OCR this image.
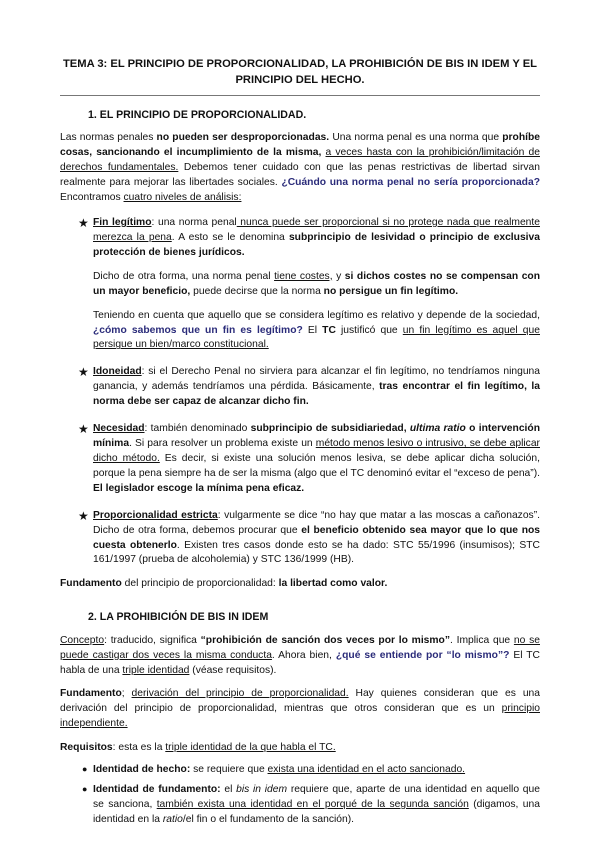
TEMA 3: EL PRINCIPIO DE PROPORCIONALIDAD, LA PROHIBICIÓN DE BIS IN IDEM Y EL PRINCIPIO DEL HECHO.
1. EL PRINCIPIO DE PROPORCIONALIDAD.

Las normas penales no pueden ser desproporcionadas. Una norma penal es una norma que prohíbe cosas, sancionando el incumplimiento de la misma, a veces hasta con la prohibición/limitación de derechos fundamentales. Debemos tener cuidado con que las penas restrictivas de libertad sirvan realmente para mejorar las libertades sociales. ¿Cuándo una norma penal no sería proporcionada? Encontramos cuatro niveles de análisis:

★ Fin legítimo: una norma penal nunca puede ser proporcional si no protege nada que realmente merezca la pena. A esto se le denomina subprincipio de lesividad o principio de exclusiva protección de bienes jurídicos.

Dicho de otra forma, una norma penal tiene costes, y si dichos costes no se compensan con un mayor beneficio, puede decirse que la norma no persigue un fin legítimo.

Teniendo en cuenta que aquello que se considera legítimo es relativo y depende de la sociedad, ¿cómo sabemos que un fin es legítimo? El TC justificó que un fin legítimo es aquel que persigue un bien/marco constitucional.

★ Idoneidad: si el Derecho Penal no sirviera para alcanzar el fin legítimo, no tendríamos ninguna ganancia, y además tendríamos una pérdida. Básicamente, tras encontrar el fin legítimo, la norma debe ser capaz de alcanzar dicho fin.

★ Necesidad: también denominado subprincipio de subsidiariedad, ultima ratio o intervención mínima. Si para resolver un problema existe un método menos lesivo o intrusivo, se debe aplicar dicho método. Es decir, si existe una solución menos lesiva, se debe aplicar dicha solución, porque la pena siempre ha de ser la misma (algo que el TC denominó evitar el “exceso de pena”). El legislador escoge la mínima pena eficaz.

★ Proporcionalidad estricta: vulgarmente se dice “no hay que matar a las moscas a cañonazos”. Dicho de otra forma, debemos procurar que el beneficio obtenido sea mayor que lo que nos cuesta obtenerlo. Existen tres casos donde esto se ha dado: STC 55/1996 (insumisos); STC 161/1997 (prueba de alcoholemia) y STC 136/1999 (HB).

Fundamento del principio de proporcionalidad: la libertad como valor.

2. LA PROHIBICIÓN DE BIS IN IDEM

Concepto: traducido, significa “prohibición de sanción dos veces por lo mismo”. Implica que no se puede castigar dos veces la misma conducta. Ahora bien, ¿qué se entiende por “lo mismo”? El TC habla de una triple identidad (véase requisitos).

Fundamento; derivación del principio de proporcionalidad. Hay quienes consideran que es una derivación del principio de proporcionalidad, mientras que otros consideran que es un principio independiente.

Requisitos: esta es la triple identidad de la que habla el TC.

● Identidad de hecho: se requiere que exista una identidad en el acto sancionado.

● Identidad de fundamento: el bis in idem requiere que, aparte de una identidad en aquello que se sanciona, también exista una identidad en el porqué de la segunda sanción (digamos, una identidad en la ratio/el fin o el fundamento de la sanción).
